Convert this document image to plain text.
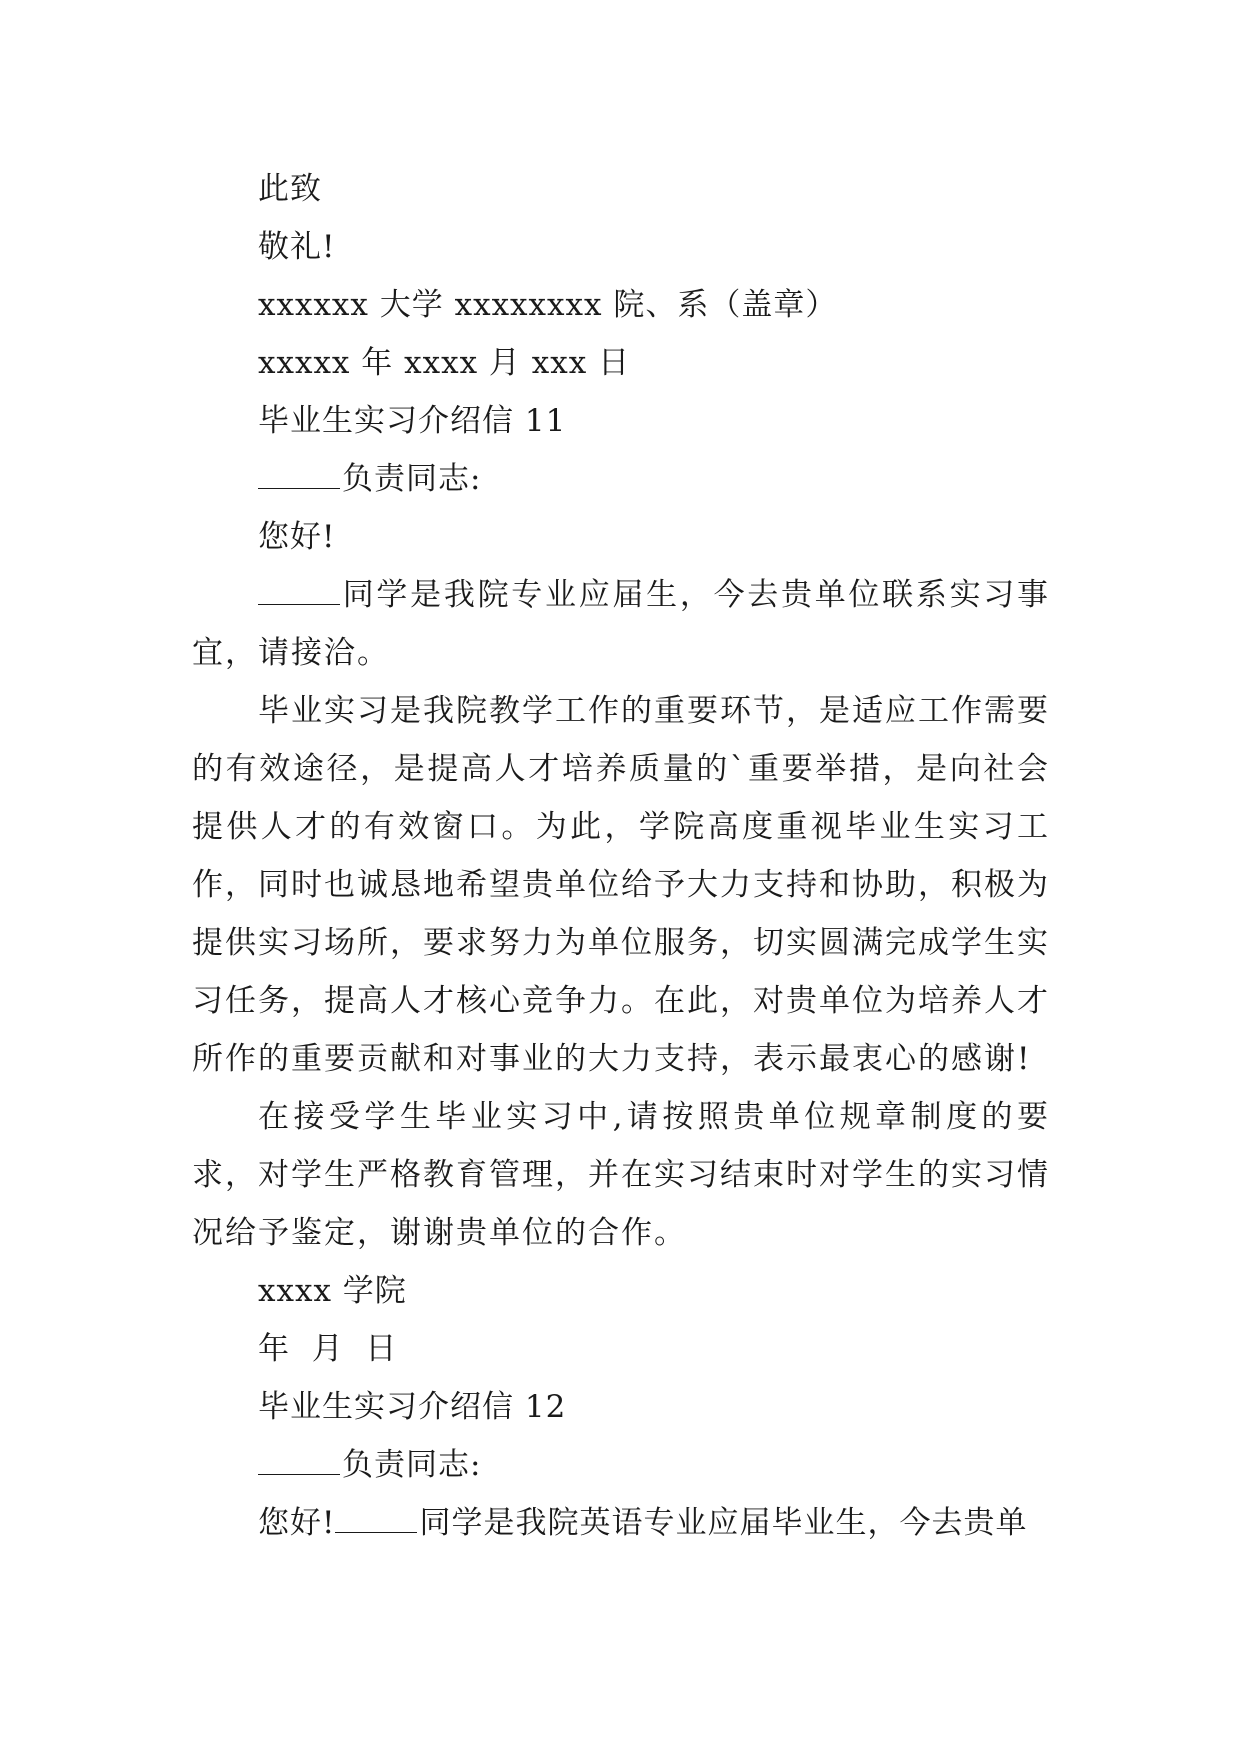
此致
敬礼!
xxxxxx 大学 xxxxxxxx 院、系（盖章）
xxxxx 年 xxxx 月 xxx 日
毕业生实习介绍信 11
负责同志:
您好!
同学是我院专业应届生，今去贵单位联系实习事宜，请接洽。
毕业实习是我院教学工作的重要环节，是适应工作需要的有效途径，是提高人才培养质量的`重要举措，是向社会提供人才的有效窗口。为此，学院高度重视毕业生实习工作，同时也诚恳地希望贵单位给予大力支持和协助，积极为提供实习场所，要求努力为单位服务，切实圆满完成学生实习任务，提高人才核心竞争力。在此，对贵单位为培养人才所作的重要贡献和对事业的大力支持，表示最衷心的感谢!
在接受学生毕业实习中,请按照贵单位规章制度的要求，对学生严格教育管理，并在实习结束时对学生的实习情况给予鉴定，谢谢贵单位的合作。
xxxx 学院
年  月  日
毕业生实习介绍信 12
负责同志:
您好!	同学是我院英语专业应届毕业生，今去贵单
